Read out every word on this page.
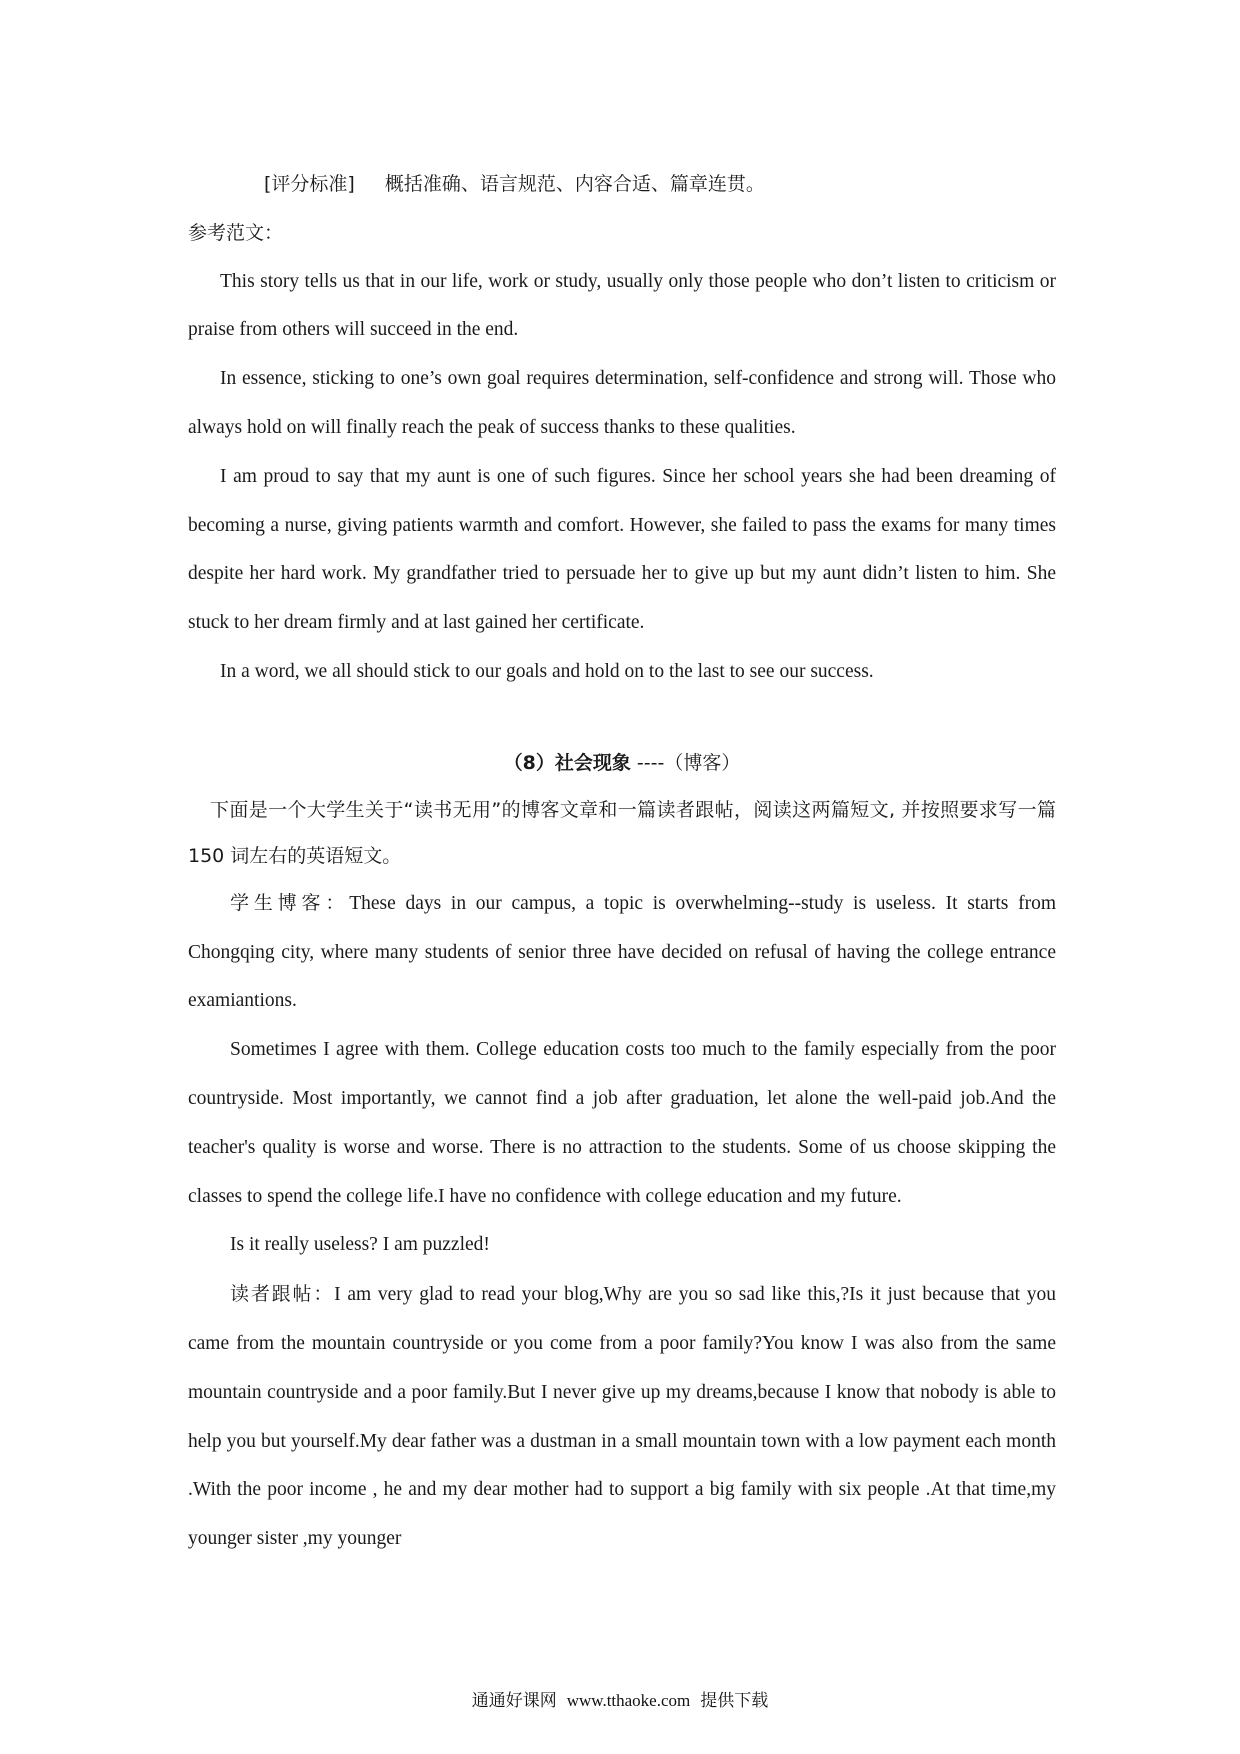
[评分标准] 概括准确、语言规范、内容合适、篇章连贯。

参考范文：

This story tells us that in our life, work or study, usually only those people who don’t listen to criticism or praise from others will succeed in the end.

In essence, sticking to one’s own goal requires determination, self-confidence and strong will. Those who always hold on will finally reach the peak of success thanks to these qualities.

I am proud to say that my aunt is one of such figures. Since her school years she had been dreaming of becoming a nurse, giving patients warmth and comfort. However, she failed to pass the exams for many times despite her hard work. My grandfather tried to persuade her to give up but my aunt didn’t listen to him. She stuck to her dream firmly and at last gained her certificate.

In a word, we all should stick to our goals and hold on to the last to see our success.

（8）社会现象 ----（博客）

下面是一个大学生关于“读书无用”的博客文章和一篇读者跟帖，阅读这两篇短文, 并按照要求写一篇 150 词左右的英语短文。

学生博客：These days in our campus, a topic is overwhelming--study is useless. It starts from Chongqing city, where many students of senior three have decided on refusal of having the college entrance examiantions.

Sometimes I agree with them. College education costs too much to the family especially from the poor countryside. Most importantly, we cannot find a job after graduation, let alone the well-paid job.And the teacher's quality is worse and worse. There is no attraction to the students. Some of us choose skipping the classes to spend the college life.I have no confidence with college education and my future.

Is it really useless? I am puzzled!

读者跟帖：I am very glad to read your blog,Why are you so sad like this,?Is it just because that you came from the mountain countryside or you come from a poor family?You know I was also from the same mountain countryside and a poor family.But I never give up my dreams,because I know that nobody is able to help you but yourself.My dear father was a dustman in a small mountain town with a low payment each month .With the poor income , he and my dear mother had to support a big family with six people .At that time,my younger sister ,my younger

通通好课网 www.tthaoke.com 提供下载
